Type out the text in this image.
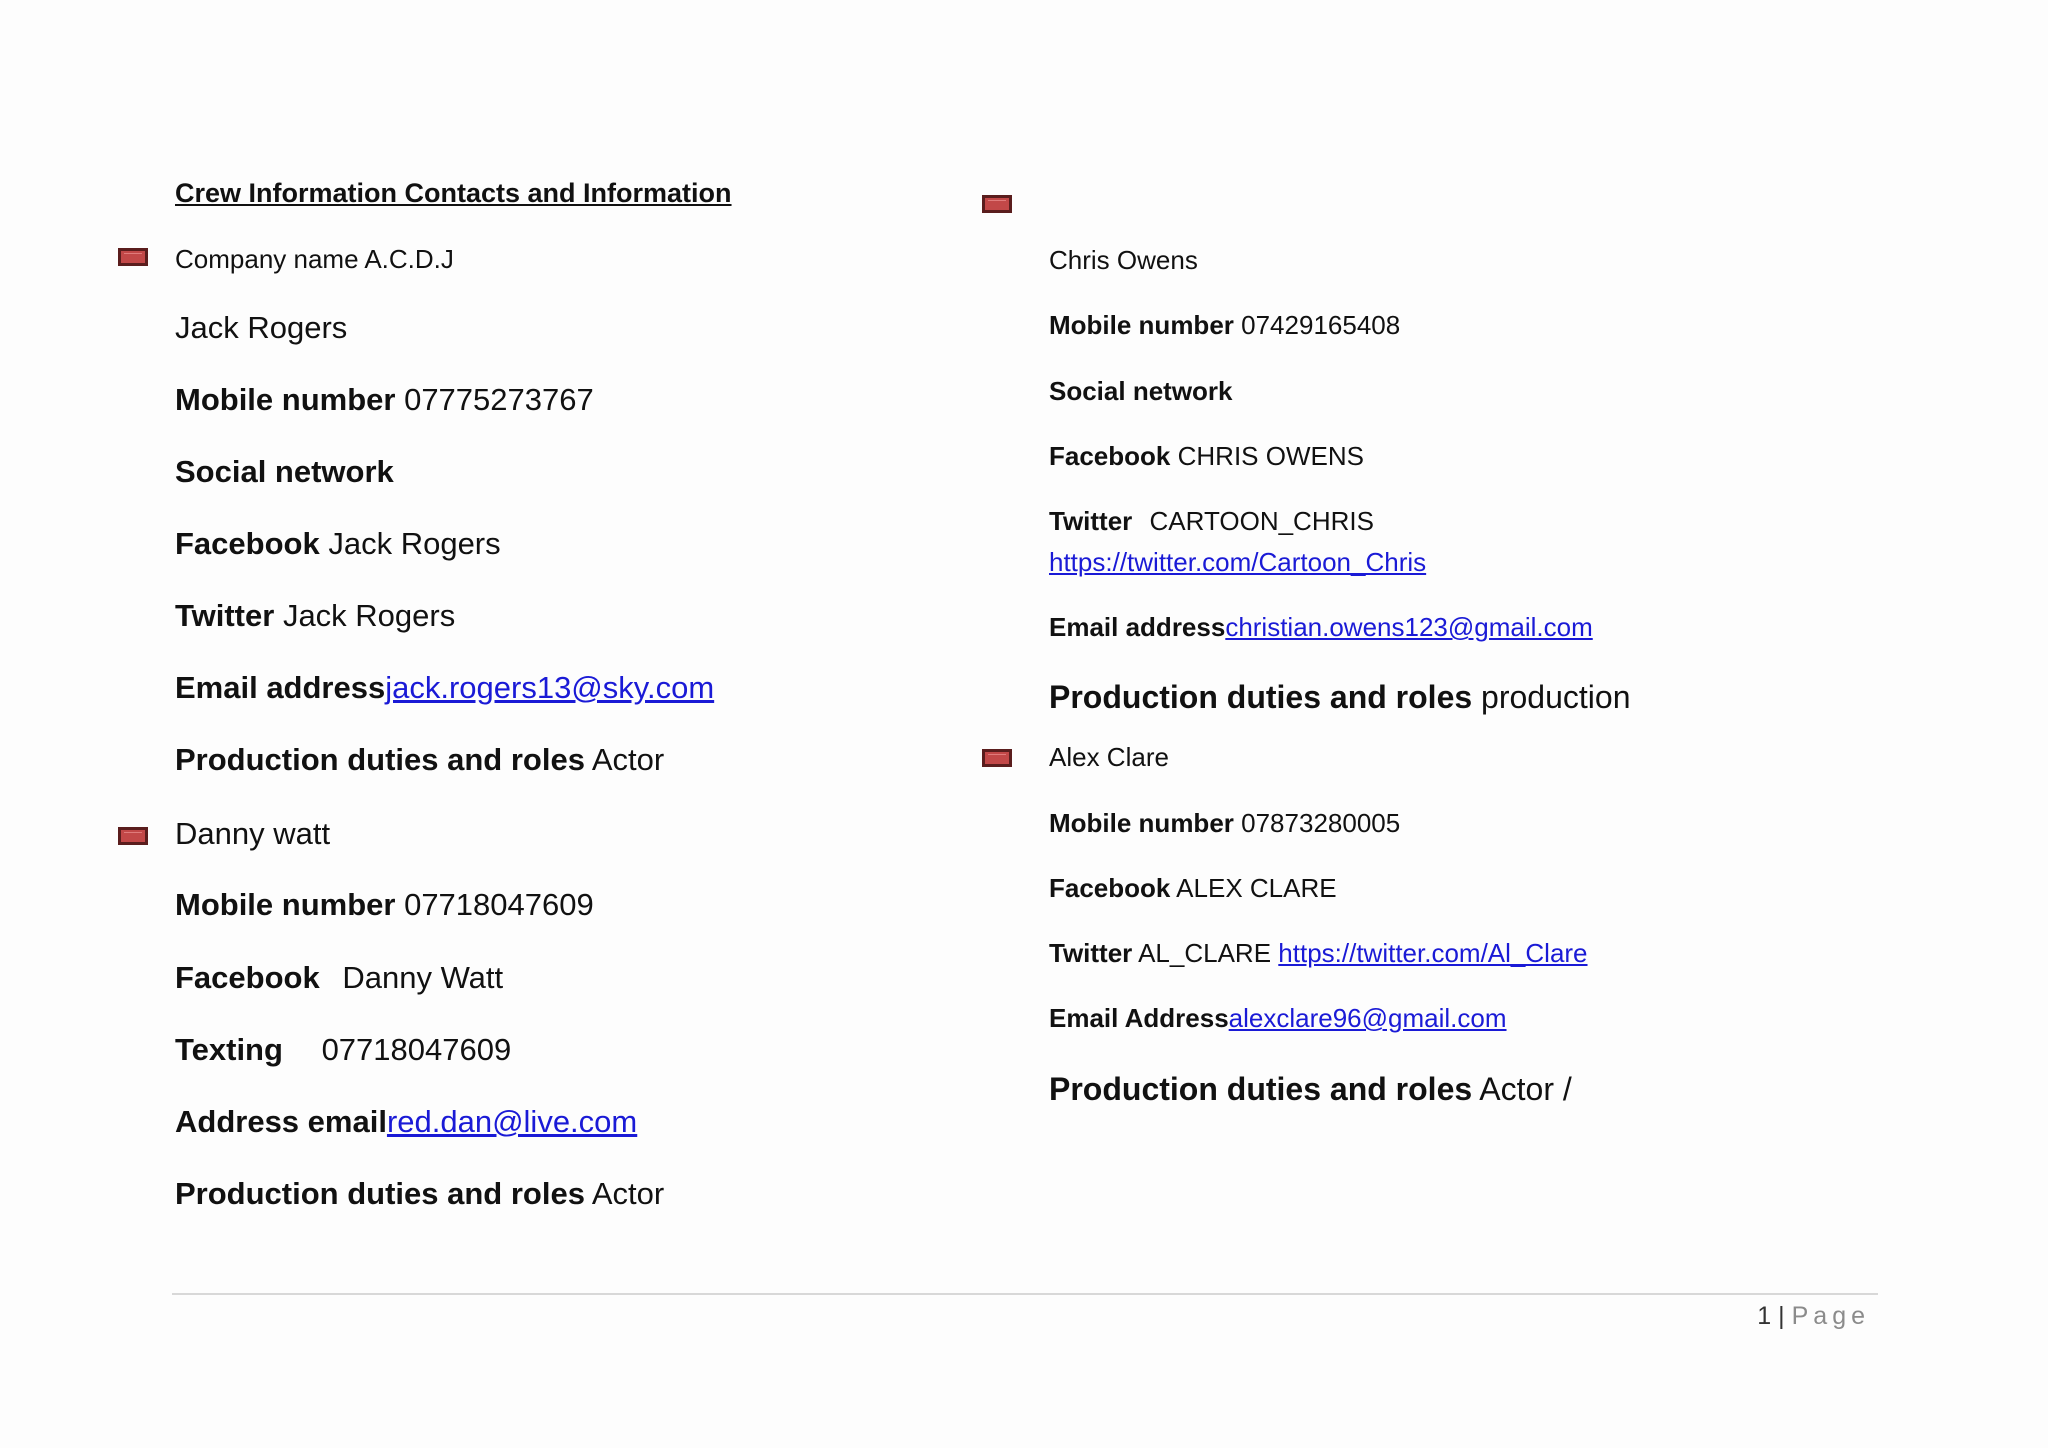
Crew Information Contacts and Information
Company name A.C.D.J
Jack Rogers
Mobile number 07775273767
Social network
Facebook Jack Rogers
Twitter Jack Rogers
Email addressjack.rogers13@sky.com
Production duties and roles Actor
Danny watt
Mobile number 07718047609
Facebook Danny Watt
Texting 07718047609
Address emailred.dan@live.com
Production duties and roles Actor
Chris Owens
Mobile number 07429165408
Social network
Facebook CHRIS OWENS
Twitter CARTOON_CHRIS
https://twitter.com/Cartoon_Chris
Email addresschristian.owens123@gmail.com
Production duties and roles production
Alex Clare
Mobile number 07873280005
Facebook ALEX CLARE
Twitter AL_CLARE https://twitter.com/Al_Clare
Email Addressalexclare96@gmail.com
Production duties and roles Actor /
1 | Page
